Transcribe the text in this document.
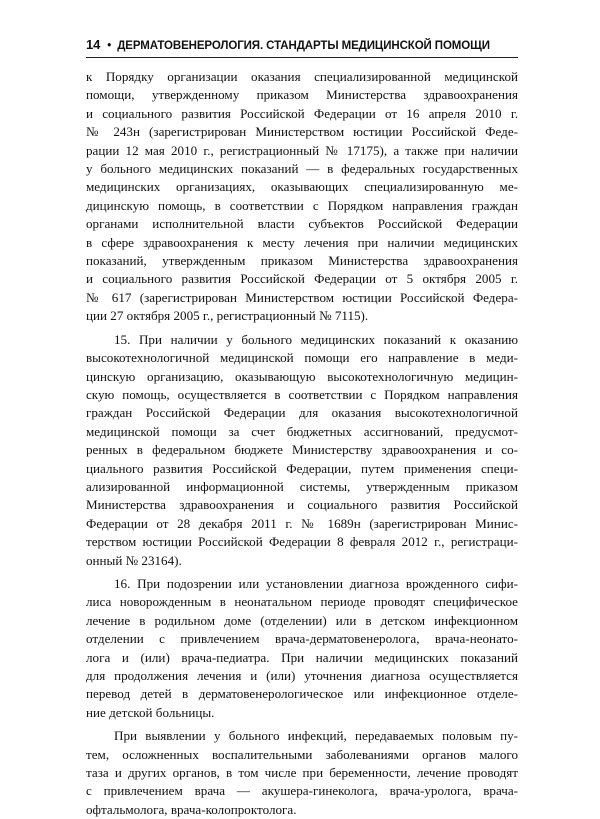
14 • ДЕРМАТОВЕНЕРОЛОГИЯ. СТАНДАРТЫ МЕДИЦИНСКОЙ ПОМОЩИ

к Порядку организации оказания специализированной медицинской
помощи, утвержденному приказом Министерства здравоохранения
и социального развития Российской Федерации от 16 апреля 2010 г.
№ 243н (зарегистрирован Министерством юстиции Российской Феде-
рации 12 мая 2010 г., регистрационный № 17175), а также при наличии
у больного медицинских показаний — в федеральных государственных
медицинских организациях, оказывающих специализированную ме-
дицинскую помощь, в соответствии с Порядком направления граждан
органами исполнительной власти субъектов Российской Федерации
в сфере здравоохранения к месту лечения при наличии медицинских
показаний, утвержденным приказом Министерства здравоохранения
и социального развития Российской Федерации от 5 октября 2005 г.
№ 617 (зарегистрирован Министерством юстиции Российской Федера-
ции 27 октября 2005 г., регистрационный № 7115).

15. При наличии у больного медицинских показаний к оказанию
высокотехнологичной медицинской помощи его направление в меди-
цинскую организацию, оказывающую высокотехнологичную медицин-
скую помощь, осуществляется в соответствии с Порядком направления
граждан Российской Федерации для оказания высокотехнологичной
медицинской помощи за счет бюджетных ассигнований, предусмот-
ренных в федеральном бюджете Министерству здравоохранения и со-
циального развития Российской Федерации, путем применения специ-
ализированной информационной системы, утвержденным приказом
Министерства здравоохранения и социального развития Российской
Федерации от 28 декабря 2011 г. № 1689н (зарегистрирован Минис-
терством юстиции Российской Федерации 8 февраля 2012 г., регистраци-
онный № 23164).

16. При подозрении или установлении диагноза врожденного сифи-
лиса новорожденным в неонатальном периоде проводят специфическое
лечение в родильном доме (отделении) или в детском инфекционном
отделении с привлечением врача-дерматовенеролога, врача-неонато-
лога и (или) врача-педиатра. При наличии медицинских показаний
для продолжения лечения и (или) уточнения диагноза осуществляется
перевод детей в дерматовенерологическое или инфекционное отделе-
ние детской больницы.

При выявлении у больного инфекций, передаваемых половым пу-
тем, осложненных воспалительными заболеваниями органов малого
таза и других органов, в том числе при беременности, лечение проводят
с привлечением врача — акушера-гинеколога, врача-уролога, врача-
офтальмолога, врача-колопроктолога.
